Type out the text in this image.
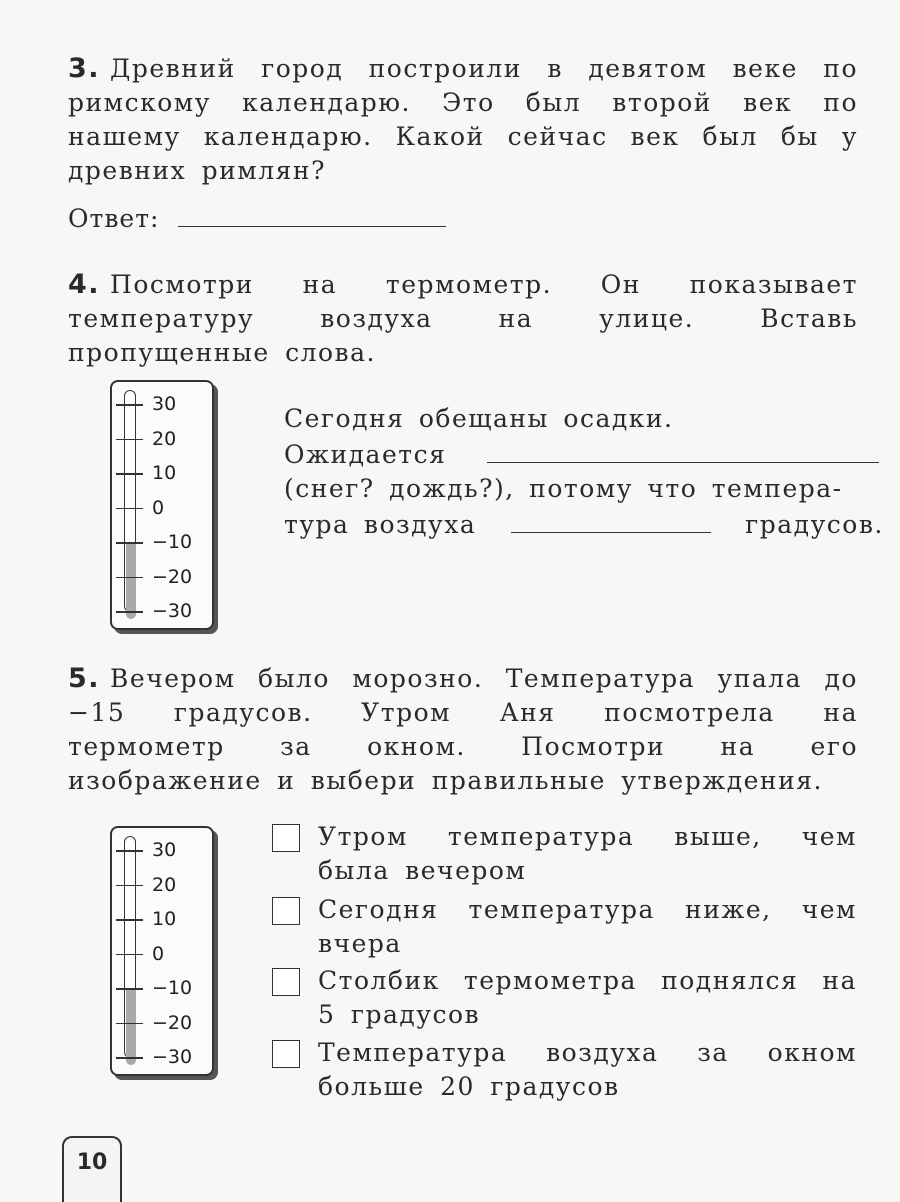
3. Древний город построили в девятом веке по римскому календарю. Это был второй век по нашему календарю. Какой сейчас век был бы у древних римлян?

Ответ:

4. Посмотри на термометр. Он показывает температуру воздуха на улице. Вставь пропущенные слова.

30
20
10
0
−10
−20
−30
Сегодня обещаны осадки.
Ожидается
(снег? дождь?), потому что темпера-
тура воздуха	градусов.

5. Вечером было морозно. Температура упала до −15 градусов. Утром Аня посмотрела на термометр за окном. Посмотри на его изображение и выбери правильные утверждения.

30
20
10
0
−10
−20
−30
Утром температура выше, чем была вечером
Сегодня температура ниже, чем вчера
Столбик термометра поднялся на 5 градусов
Температура воздуха за окном больше 20 градусов
10
